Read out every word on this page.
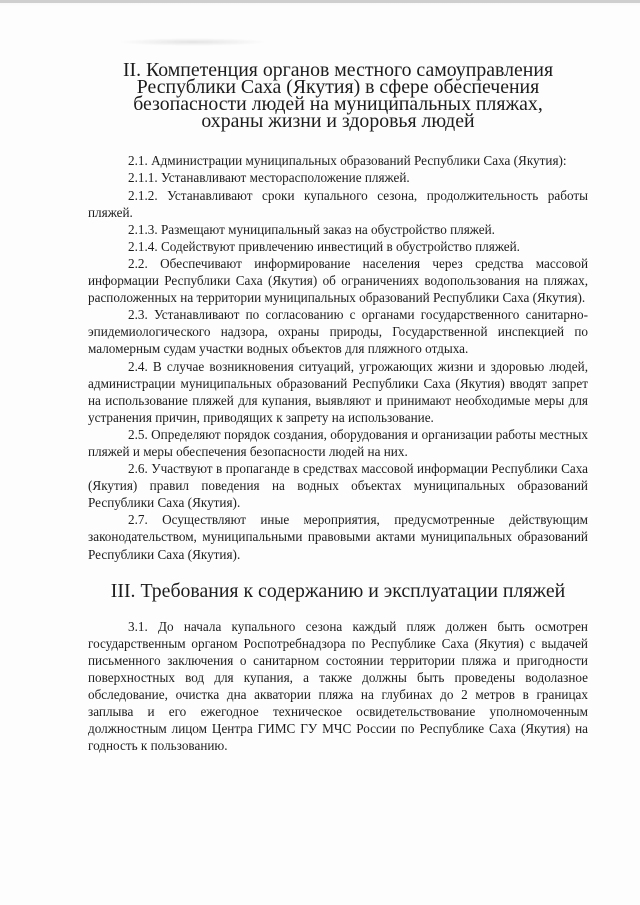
II. Компетенция органов местного самоуправления
Республики Саха (Якутия) в сфере обеспечения
безопасности людей на муниципальных пляжах,
охраны жизни и здоровья людей

2.1. Администрации муниципальных образований Республики Саха (Якутия):

2.1.1. Устанавливают месторасположение пляжей.

2.1.2. Устанавливают сроки купального сезона, продолжительность работы пляжей.

2.1.3. Размещают муниципальный заказ на обустройство пляжей.

2.1.4. Содействуют привлечению инвестиций в обустройство пляжей.

2.2. Обеспечивают информирование населения через средства массовой информации Республики Саха (Якутия) об ограничениях водопользования на пляжах, расположенных на территории муниципальных образований Республики Саха (Якутия).

2.3. Устанавливают по согласованию с органами государственного санитарно-эпидемиологического надзора, охраны природы, Государственной инспекцией по маломерным судам участки водных объектов для пляжного отдыха.

2.4. В случае возникновения ситуаций, угрожающих жизни и здоровью людей, администрации муниципальных образований Республики Саха (Якутия) вводят запрет на использование пляжей для купания, выявляют и принимают необходимые меры для устранения причин, приводящих к запрету на использование.

2.5. Определяют порядок создания, оборудования и организации работы местных пляжей и меры обеспечения безопасности людей на них.

2.6. Участвуют в пропаганде в средствах массовой информации Республики Саха (Якутия) правил поведения на водных объектах муниципальных образований Республики Саха (Якутия).

2.7. Осуществляют иные мероприятия, предусмотренные действующим законодательством, муниципальными правовыми актами муниципальных образований Республики Саха (Якутия).

III. Требования к содержанию и эксплуатации пляжей

3.1. До начала купального сезона каждый пляж должен быть осмотрен государственным органом Роспотребнадзора по Республике Саха (Якутия) с выдачей письменного заключения о санитарном состоянии территории пляжа и пригодности поверхностных вод для купания, а также должны быть проведены водолазное обследование, очистка дна акватории пляжа на глубинах до 2 метров в границах заплыва и его ежегодное техническое освидетельствование уполномоченным должностным лицом Центра ГИМС ГУ МЧС России по Республике Саха (Якутия) на годность к пользованию.
